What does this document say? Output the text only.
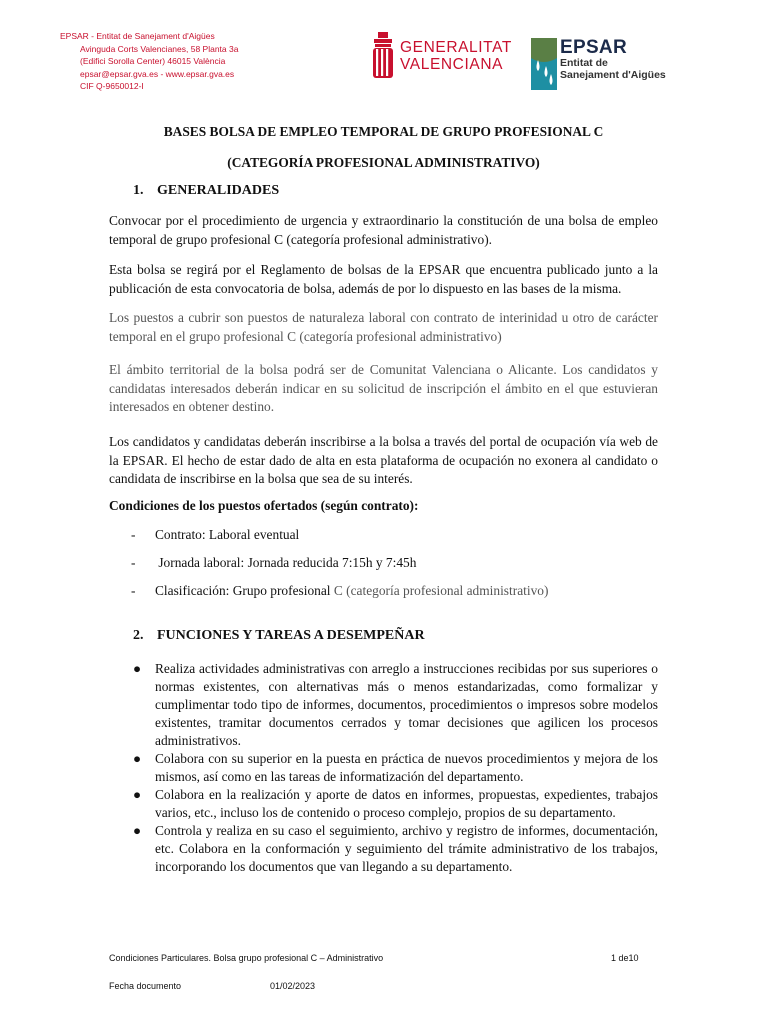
EPSAR - Entitat de Sanejament d'Aigües
Avinguda Corts Valencianes, 58 Planta 3a
(Edifici Sorolla Center) 46015 València
epsar@epsar.gva.es - www.epsar.gva.es
CIF Q-9650012-I
GENERALITAT
VALENCIANA
EPSAR
Entitat de
Sanejament d'Aigües
BASES BOLSA DE EMPLEO TEMPORAL DE GRUPO PROFESIONAL C
(CATEGORÍA PROFESIONAL ADMINISTRATIVO)
1. GENERALIDADES
Convocar por el procedimiento de urgencia y extraordinario la constitución de una bolsa de empleo temporal de grupo profesional C (categoría profesional administrativo).
Esta bolsa se regirá por el Reglamento de bolsas de la EPSAR que encuentra publicado junto a la publicación de esta convocatoria de bolsa, además de por lo dispuesto en las bases de la misma.
Los puestos a cubrir son puestos de naturaleza laboral con contrato de interinidad u otro de carácter temporal en el grupo profesional C (categoría profesional administrativo)
El ámbito territorial de la bolsa podrá ser de Comunitat Valenciana o Alicante. Los candidatos y candidatas interesados deberán indicar en su solicitud de inscripción el ámbito en el que estuvieran interesados en obtener destino.
Los candidatos y candidatas deberán inscribirse a la bolsa a través del portal de ocupación vía web de la EPSAR. El hecho de estar dado de alta en esta plataforma de ocupación no exonera al candidato o candidata de inscribirse en la bolsa que sea de su interés.
Condiciones de los puestos ofertados (según contrato):
- Contrato: Laboral eventual
- Jornada laboral: Jornada reducida 7:15h y 7:45h
- Clasificación: Grupo profesional C (categoría profesional administrativo)
2. FUNCIONES Y TAREAS A DESEMPEÑAR
● Realiza actividades administrativas con arreglo a instrucciones recibidas por sus superiores o normas existentes, con alternativas más o menos estandarizadas, como formalizar y cumplimentar todo tipo de informes, documentos, procedimientos o impresos sobre modelos existentes, tramitar documentos cerrados y tomar decisiones que agilicen los procesos administrativos.
● Colabora con su superior en la puesta en práctica de nuevos procedimientos y mejora de los mismos, así como en las tareas de informatización del departamento.
● Colabora en la realización y aporte de datos en informes, propuestas, expedientes, trabajos varios, etc., incluso los de contenido o proceso complejo, propios de su departamento.
● Controla y realiza en su caso el seguimiento, archivo y registro de informes, documentación, etc. Colabora en la conformación y seguimiento del trámite administrativo de los trabajos, incorporando los documentos que van llegando a su departamento.
Condiciones Particulares. Bolsa grupo profesional C – Administrativo	1 de10
Fecha documento	01/02/2023
